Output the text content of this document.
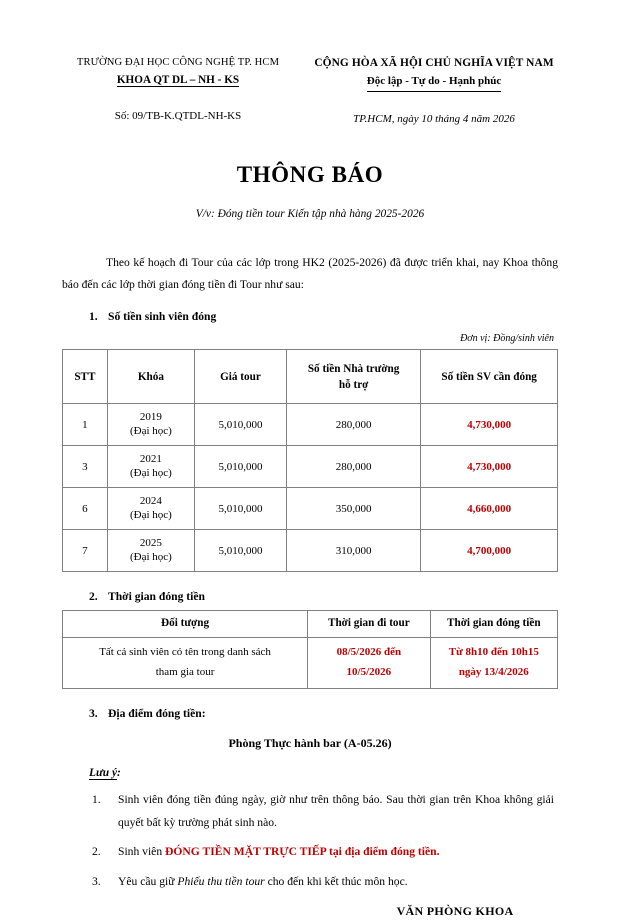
TRƯỜNG ĐẠI HỌC CÔNG NGHỆ TP. HCM
KHOA QT DL – NH - KS
Số: 09/TB-K.QTDL-NH-KS
CỘNG HÒA XÃ HỘI CHỦ NGHĨA VIỆT NAM
Độc lập - Tự do - Hạnh phúc
TP.HCM, ngày 10 tháng 4 năm 2026
THÔNG BÁO
V/v: Đóng tiền tour Kiến tập nhà hàng 2025-2026
Theo kế hoạch đi Tour của các lớp trong HK2 (2025-2026) đã được triển khai, nay Khoa thông báo đến các lớp thời gian đóng tiền đi Tour như sau:
1. Số tiền sinh viên đóng
Đơn vị: Đồng/sinh viên
STT	Khóa	Giá tour	Số tiền Nhà trường
hỗ trợ	Số tiền SV cần đóng
1	2019
(Đại học)	5,010,000	280,000	4,730,000
3	2021
(Đại học)	5,010,000	280,000	4,730,000
6	2024
(Đại học)	5,010,000	350,000	4,660,000
7	2025
(Đại học)	5,010,000	310,000	4,700,000
2. Thời gian đóng tiền
Đối tượng	Thời gian đi tour	Thời gian đóng tiền
Tất cả sinh viên có tên trong danh sách
tham gia tour	08/5/2026 đến
10/5/2026	Từ 8h10 đến 10h15
ngày 13/4/2026
3. Địa điểm đóng tiền:
Phòng Thực hành bar (A-05.26)
Lưu ý:
1.	Sinh viên đóng tiền đúng ngày, giờ như trên thông báo. Sau thời gian trên Khoa không giải quyết bất kỳ trường phát sinh nào.
2.	Sinh viên ĐÓNG TIỀN MẶT TRỰC TIẾP tại địa điểm đóng tiền.
3.	Yêu cầu giữ Phiếu thu tiền tour cho đến khi kết thúc môn học.
VĂN PHÒNG KHOA
